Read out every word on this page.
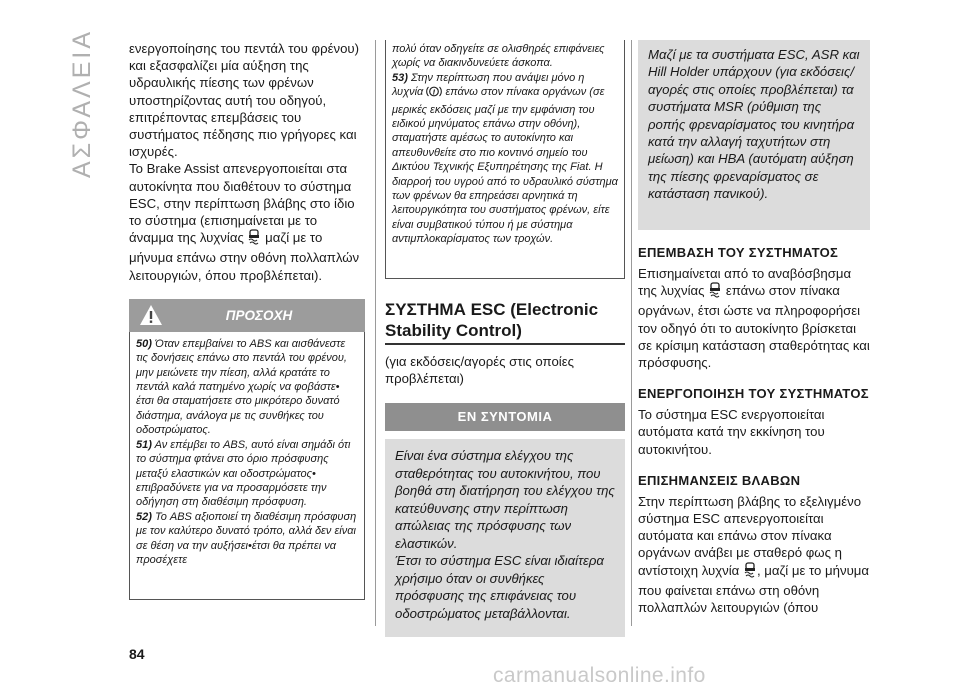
ΑΣΦΑΛΕΙΑ	ενεργοποίησης του πεντάλ του φρένου) και εξασφαλίζει μία αύξηση της υδραυλικής πίεσης των φρένων υποστηρίζοντας αυτή του οδηγού, επιτρέποντας επεμβάσεις του συστήματος πέδησης πιο γρήγορες και ισχυρές.

Το Brake Assist απενεργοποιείται στα αυτοκίνητα που διαθέτουν το σύστημα ESC, στην περίπτωση βλάβης στο ίδιο το σύστημα (επισημαίνεται με το άναμμα της λυχνίας μαζί με το μήνυμα επάνω στην οθόνη πολλαπλών λειτουργιών, όπου προβλέπεται).

ΠΡΟΣΟΧΗ

50) Όταν επεμβαίνει το ABS και αισθάνεστε τις δονήσεις επάνω στο πεντάλ του φρένου, μην μειώνετε την πίεση, αλλά κρατάτε το πεντάλ καλά πατημένο χωρίς να φοβάστε• έτσι θα σταματήσετε στο μικρότερο δυνατό διάστημα, ανάλογα με τις συνθήκες του οδοστρώματος.

51) Αν επέμβει το ABS, αυτό είναι σημάδι ότι το σύστημα φτάνει στο όριο πρόσφυσης μεταξύ ελαστικών και οδοστρώματος• επιβραδύνετε για να προσαρμόσετε την οδήγηση στη διαθέσιμη πρόσφυση.

52) Το ABS αξιοποιεί τη διαθέσιμη πρόσφυση με τον καλύτερο δυνατό τρόπο, αλλά δεν είναι σε θέση να την αυξήσει•έτσι θα πρέπει να προσέχετε

πολύ όταν οδηγείτε σε ολισθηρές επιφάνειες χωρίς να διακινδυνεύετε άσκοπα.

53) Στην περίπτωση που ανάψει μόνο η λυχνία ! επάνω στον πίνακα οργάνων (σε μερικές εκδόσεις μαζί με την εμφάνιση του ειδικού μηνύματος επάνω στην οθόνη), σταματήστε αμέσως το αυτοκίνητο και απευθυνθείτε στο πιο κοντινό σημείο του Δικτύου Τεχνικής Εξυπηρέτησης της Fiat. Η διαρροή του υγρού από το υδραυλικό σύστημα των φρένων θα επηρεάσει αρνητικά τη λειτουργικότητα του συστήματος φρένων, είτε είναι συμβατικού τύπου ή με σύστημα αντιμπλοκαρίσματος των τροχών.

ΣΥΣΤΗΜΑ ESC (Electronic Stability Control)

(για εκδόσεις/αγορές στις οποίες προβλέπεται)

ΕΝ ΣΥΝΤΟΜΙΑ

Είναι ένα σύστημα ελέγχου της σταθερότητας του αυτοκινήτου, που βοηθά στη διατήρηση του ελέγχου της κατεύθυνσης στην περίπτωση απώλειας της πρόσφυσης των ελαστικών.

Έτσι το σύστημα ESC είναι ιδιαίτερα χρήσιμο όταν οι συνθήκες πρόσφυσης της επιφάνειας του οδοστρώματος μεταβάλλονται.

Μαζί με τα συστήματα ESC, ASR και Hill Holder υπάρχουν (για εκδόσεις/αγορές στις οποίες προβλέπεται) τα συστήματα MSR (ρύθμιση της ροπής φρεναρίσματος του κινητήρα κατά την αλλαγή ταχυτήτων στη μείωση) και HBA (αυτόματη αύξηση της πίεσης φρεναρίσματος σε κατάσταση πανικού).

ΕΠΕΜΒΑΣΗ ΤΟΥ ΣΥΣΤΗΜΑΤΟΣ

Επισημαίνεται από το αναβόσβησμα της λυχνίας επάνω στον πίνακα οργάνων, έτσι ώστε να πληροφορήσει τον οδηγό ότι το αυτοκίνητο βρίσκεται σε κρίσιμη κατάσταση σταθερότητας και πρόσφυσης.

ΕΝΕΡΓΟΠΟΙΗΣΗ ΤΟΥ ΣΥΣΤΗΜΑΤΟΣ

Το σύστημα ESC ενεργοποιείται αυτόματα κατά την εκκίνηση του αυτοκινήτου.

ΕΠΙΣΗΜΑΝΣΕΙΣ ΒΛΑΒΩΝ

Στην περίπτωση βλάβης το εξελιγμένο σύστημα ESC απενεργοποιείται αυτόματα και επάνω στον πίνακα οργάνων ανάβει με σταθερό φως η αντίστοιχη λυχνία , μαζί με το μήνυμα που φαίνεται επάνω στη οθόνη πολλαπλών λειτουργιών (όπου

84
carmanualsonline.info
